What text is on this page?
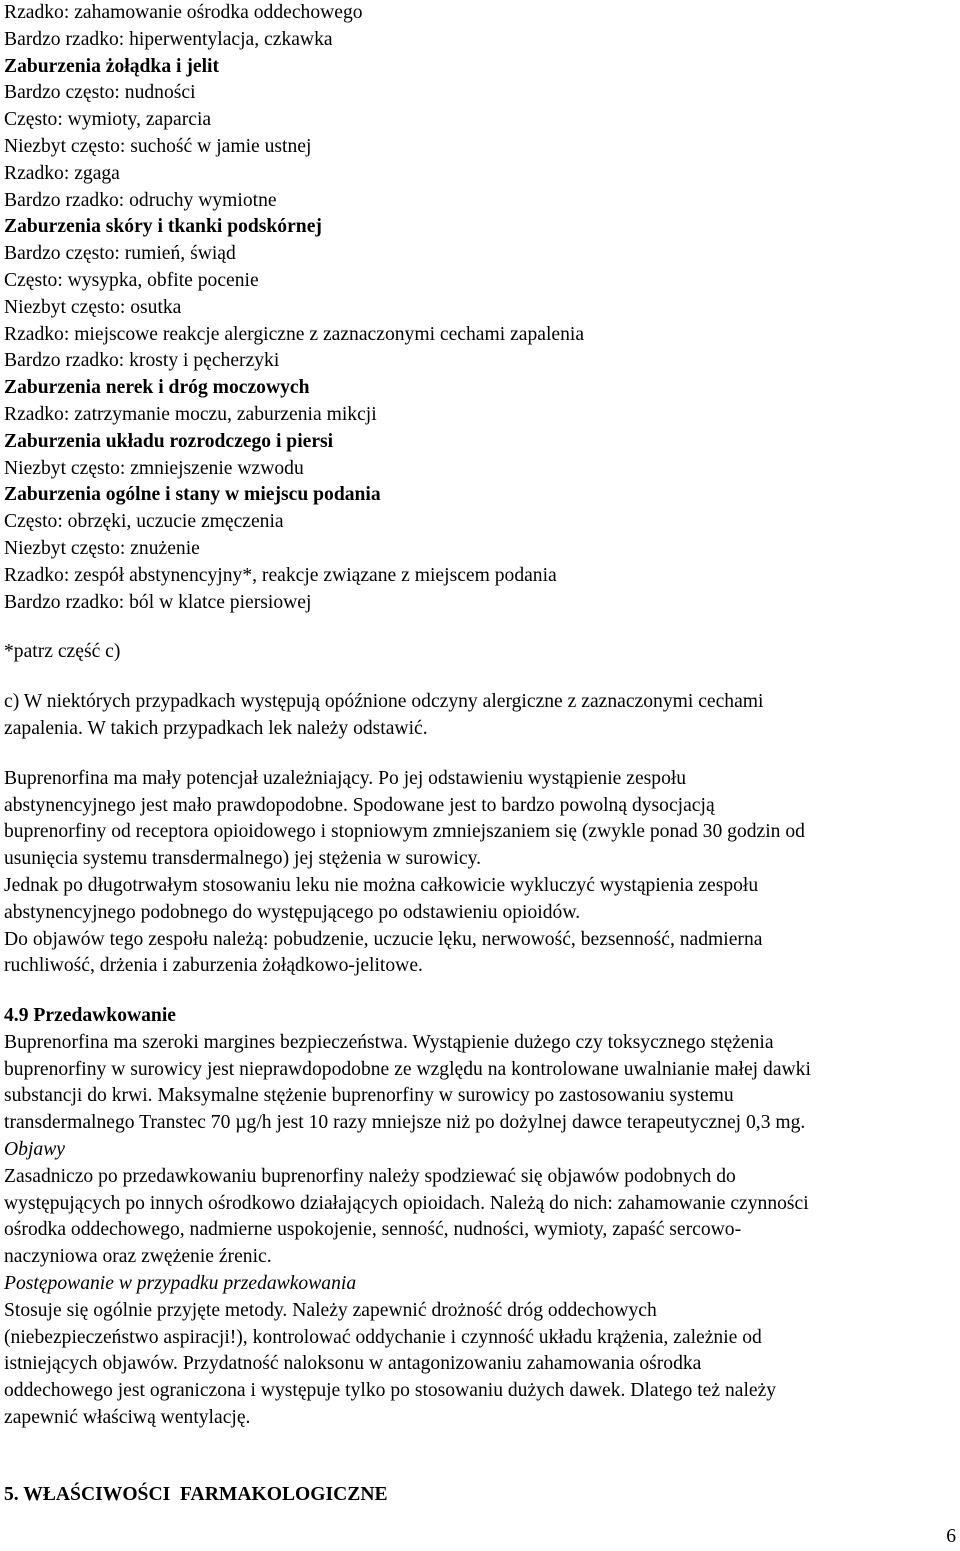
Rzadko: zahamowanie ośrodka oddechowego

Bardzo rzadko: hiperwentylacja, czkawka

Zaburzenia żołądka i jelit

Bardzo często: nudności

Często: wymioty, zaparcia

Niezbyt często: suchość w jamie ustnej

Rzadko: zgaga

Bardzo rzadko: odruchy wymiotne

Zaburzenia skóry i tkanki podskórnej

Bardzo często: rumień, świąd

Często: wysypka, obfite pocenie

Niezbyt często: osutka

Rzadko: miejscowe reakcje alergiczne z zaznaczonymi cechami zapalenia

Bardzo rzadko: krosty i pęcherzyki

Zaburzenia nerek i dróg moczowych

Rzadko: zatrzymanie moczu, zaburzenia mikcji

Zaburzenia układu rozrodczego i piersi

Niezbyt często: zmniejszenie wzwodu

Zaburzenia ogólne i stany w miejscu podania

Często: obrzęki, uczucie zmęczenia

Niezbyt często: znużenie

Rzadko: zespół abstynencyjny*, reakcje związane z miejscem podania

Bardzo rzadko: ból w klatce piersiowej

*patrz część c)

c) W niektórych przypadkach występują opóźnione odczyny alergiczne z zaznaczonymi cechami

zapalenia. W takich przypadkach lek należy odstawić.

Buprenorfina ma mały potencjał uzależniający. Po jej odstawieniu wystąpienie zespołu

abstynencyjnego jest mało prawdopodobne. Spodowane jest to bardzo powolną dysocjacją

buprenorfiny od receptora opioidowego i stopniowym zmniejszaniem się (zwykle ponad 30 godzin od

usunięcia systemu transdermalnego) jej stężenia w surowicy.

Jednak po długotrwałym stosowaniu leku nie można całkowicie wykluczyć wystąpienia zespołu

abstynencyjnego podobnego do występującego po odstawieniu opioidów.

Do objawów tego zespołu należą: pobudzenie, uczucie lęku, nerwowość, bezsenność, nadmierna

ruchliwość, drżenia i zaburzenia żołądkowo-jelitowe.

4.9 Przedawkowanie

Buprenorfina ma szeroki margines bezpieczeństwa. Wystąpienie dużego czy toksycznego stężenia

buprenorfiny w surowicy jest nieprawdopodobne ze względu na kontrolowane uwalnianie małej dawki

substancji do krwi. Maksymalne stężenie buprenorfiny w surowicy po zastosowaniu systemu

transdermalnego Transtec 70 µg/h jest 10 razy mniejsze niż po dożylnej dawce terapeutycznej 0,3 mg.

Objawy

Zasadniczo po przedawkowaniu buprenorfiny należy spodziewać się objawów podobnych do

występujących po innych ośrodkowo działających opioidach. Należą do nich: zahamowanie czynności

ośrodka oddechowego, nadmierne uspokojenie, senność, nudności, wymioty, zapaść sercowo-

naczyniowa oraz zwężenie źrenic.

Postępowanie w przypadku przedawkowania

Stosuje się ogólnie przyjęte metody. Należy zapewnić drożność dróg oddechowych

(niebezpieczeństwo aspiracji!), kontrolować oddychanie i czynność układu krążenia, zależnie od

istniejących objawów. Przydatność naloksonu w antagonizowaniu zahamowania ośrodka

oddechowego jest ograniczona i występuje tylko po stosowaniu dużych dawek. Dlatego też należy

zapewnić właściwą wentylację.

5. WŁAŚCIWOŚCI  FARMAKOLOGICZNE

6
